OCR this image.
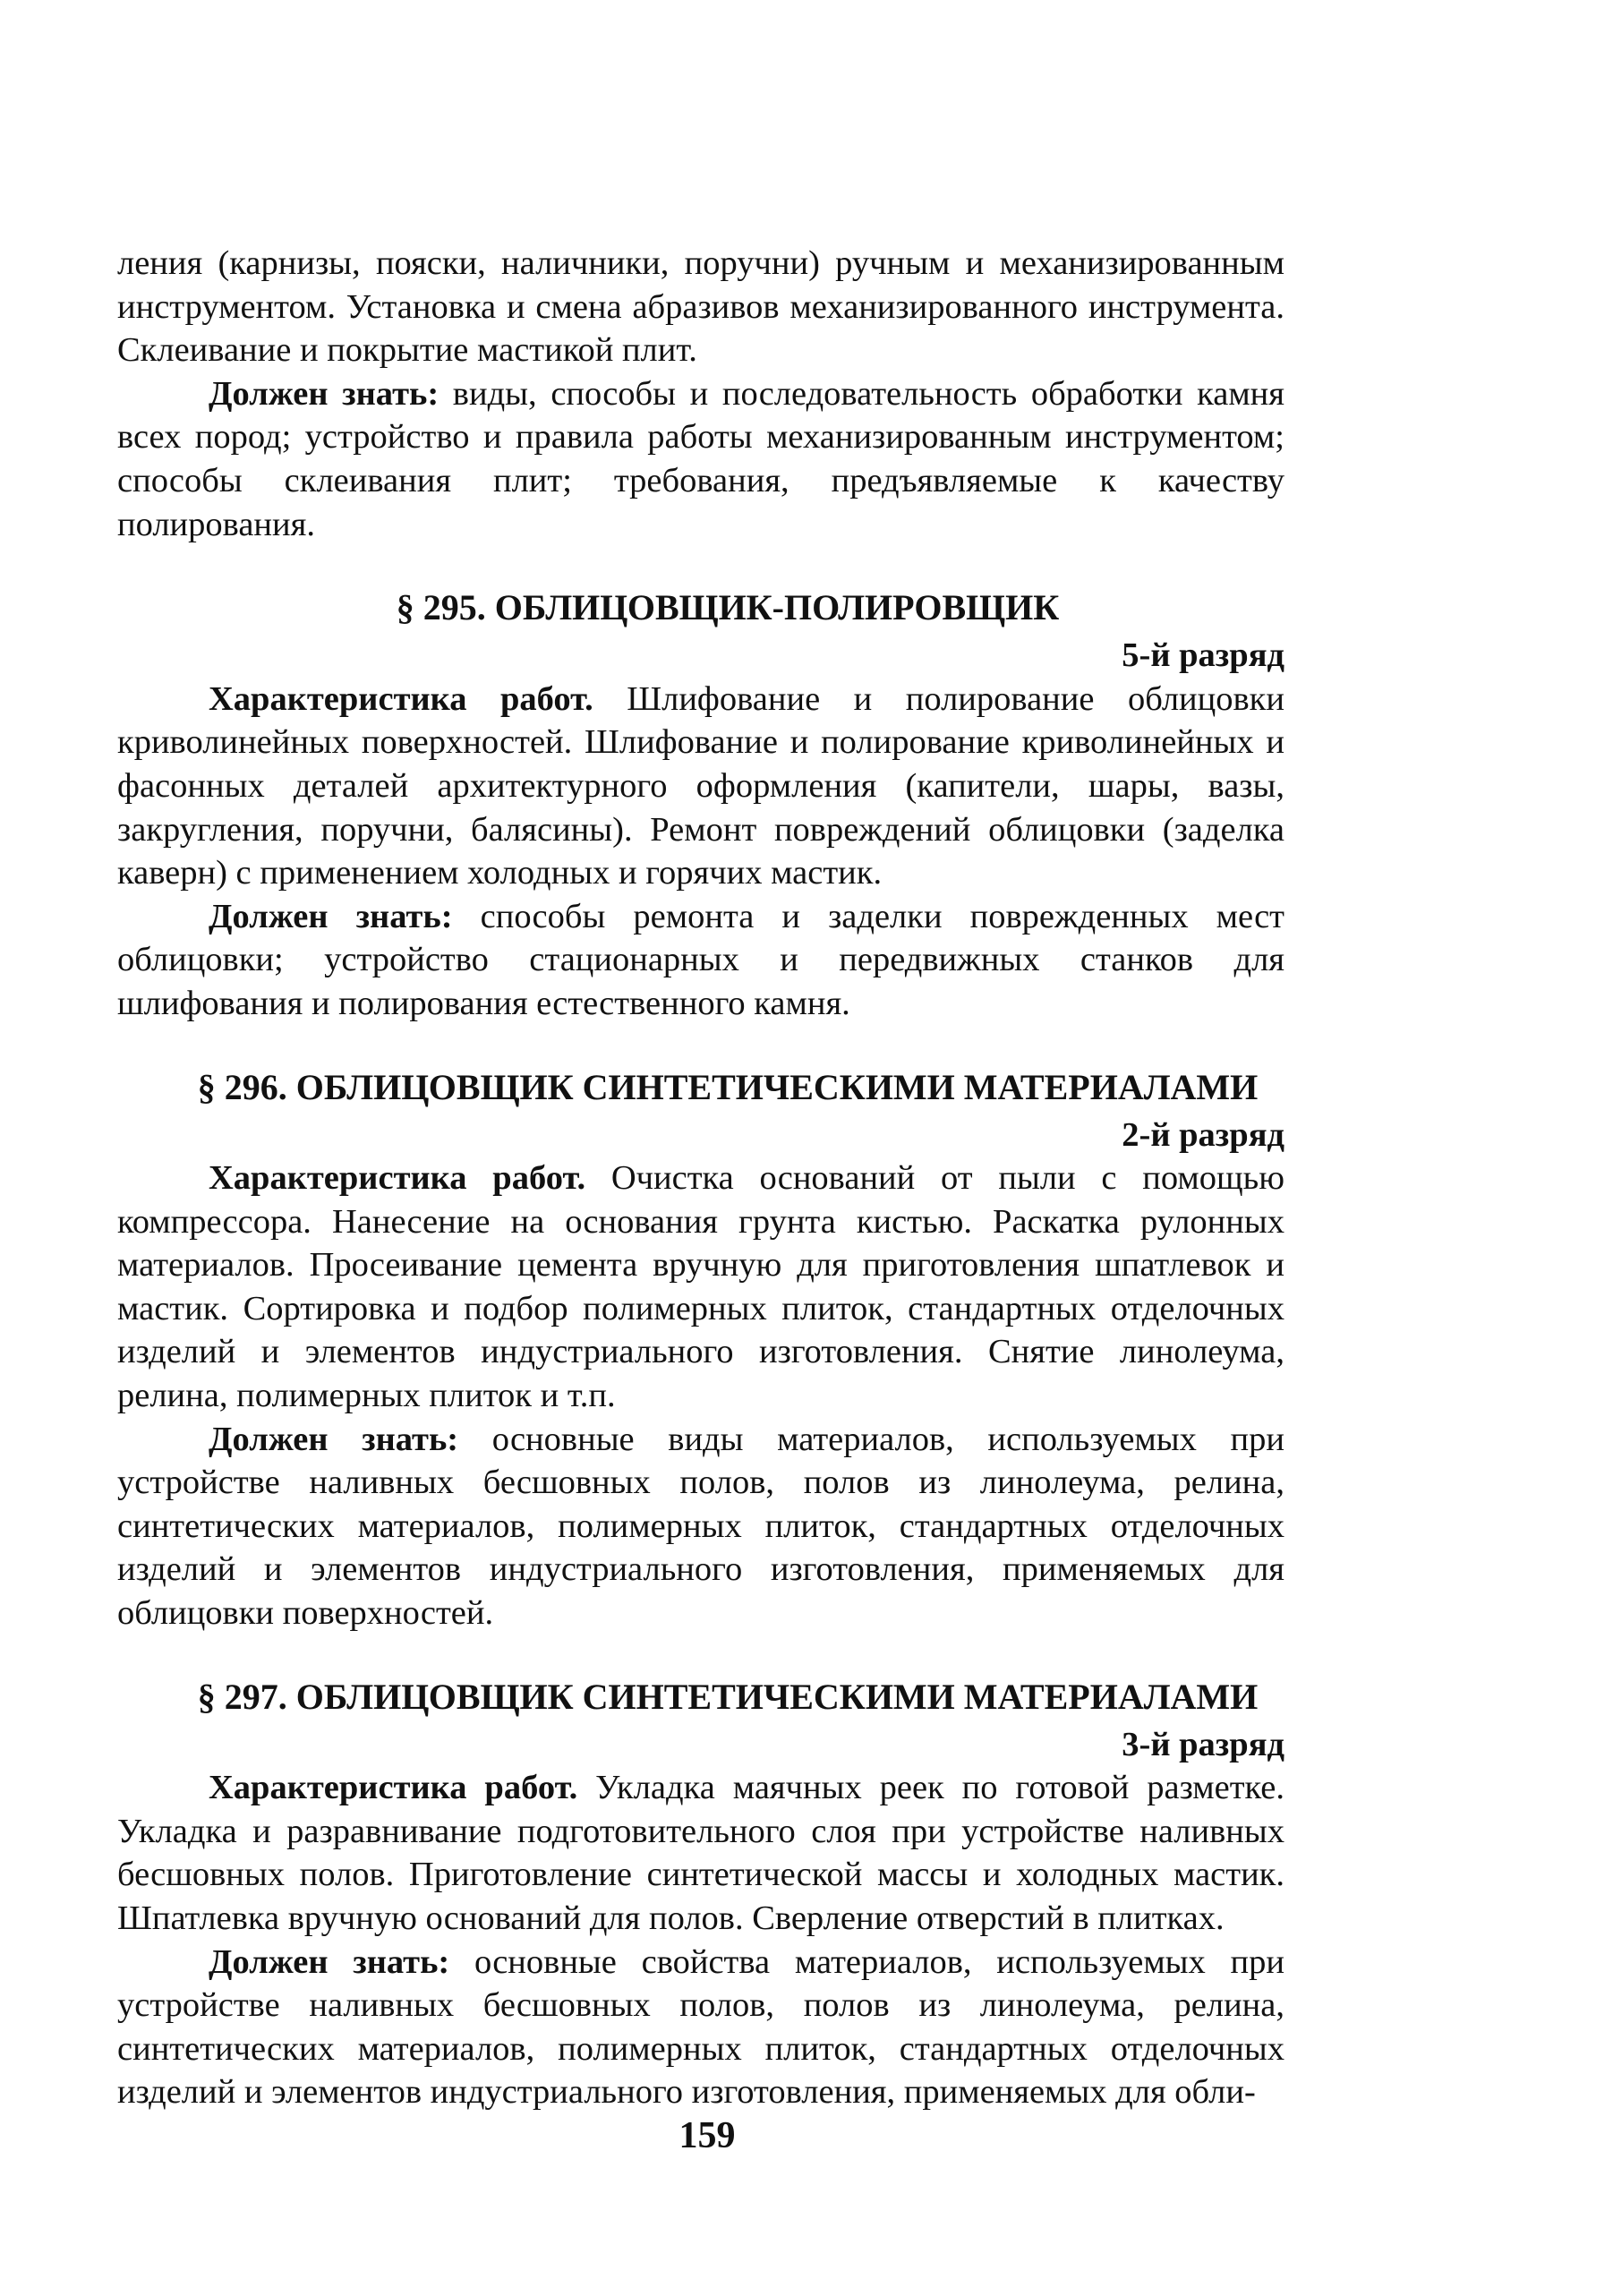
ления (карнизы, пояски, наличники, поручни) ручным и механизированным инструментом. Установка и смена абразивов механизированного инструмента. Склеивание и покрытие мастикой плит.

Должен знать: виды, способы и последовательность обработки камня всех пород; устройство и правила работы механизированным инструментом; способы склеивания плит; требования, предъявляемые к качеству полирования.

§ 295. ОБЛИЦОВЩИК-ПОЛИРОВЩИК

5-й разряд

Характеристика работ. Шлифование и полирование облицовки криволинейных поверхностей. Шлифование и полирование криволинейных и фасонных деталей архитектурного оформления (капители, шары, вазы, закругления, поручни, балясины). Ремонт повреждений облицовки (заделка каверн) с применением холодных и горячих мастик.

Должен знать: способы ремонта и заделки поврежденных мест облицовки; устройство стационарных и передвижных станков для шлифования и полирования естественного камня.

§ 296. ОБЛИЦОВЩИК СИНТЕТИЧЕСКИМИ МАТЕРИАЛАМИ

2-й разряд

Характеристика работ. Очистка оснований от пыли с помощью компрессора. Нанесение на основания грунта кистью. Раскатка рулонных материалов. Просеивание цемента вручную для приготовления шпатлевок и мастик. Сортировка и подбор полимерных плиток, стандартных отделочных изделий и элементов индустриального изготовления. Снятие линолеума, релина, полимерных плиток и т.п.

Должен знать: основные виды материалов, используемых при устройстве наливных бесшовных полов, полов из линолеума, релина, синтетических материалов, полимерных плиток, стандартных отделочных изделий и элементов индустриального изготовления, применяемых для облицовки поверхностей.

§ 297. ОБЛИЦОВЩИК СИНТЕТИЧЕСКИМИ МАТЕРИАЛАМИ

3-й разряд

Характеристика работ. Укладка маячных реек по готовой разметке. Укладка и разравнивание подготовительного слоя при устройстве наливных бесшовных полов. Приготовление синтетической массы и холодных мастик. Шпатлевка вручную оснований для полов. Сверление отверстий в плитках.

Должен знать: основные свойства материалов, используемых при устройстве наливных бесшовных полов, полов из линолеума, релина, синтетических материалов, полимерных плиток, стандартных отделочных изделий и элементов индустриального изготовления, применяемых для обли-

159
